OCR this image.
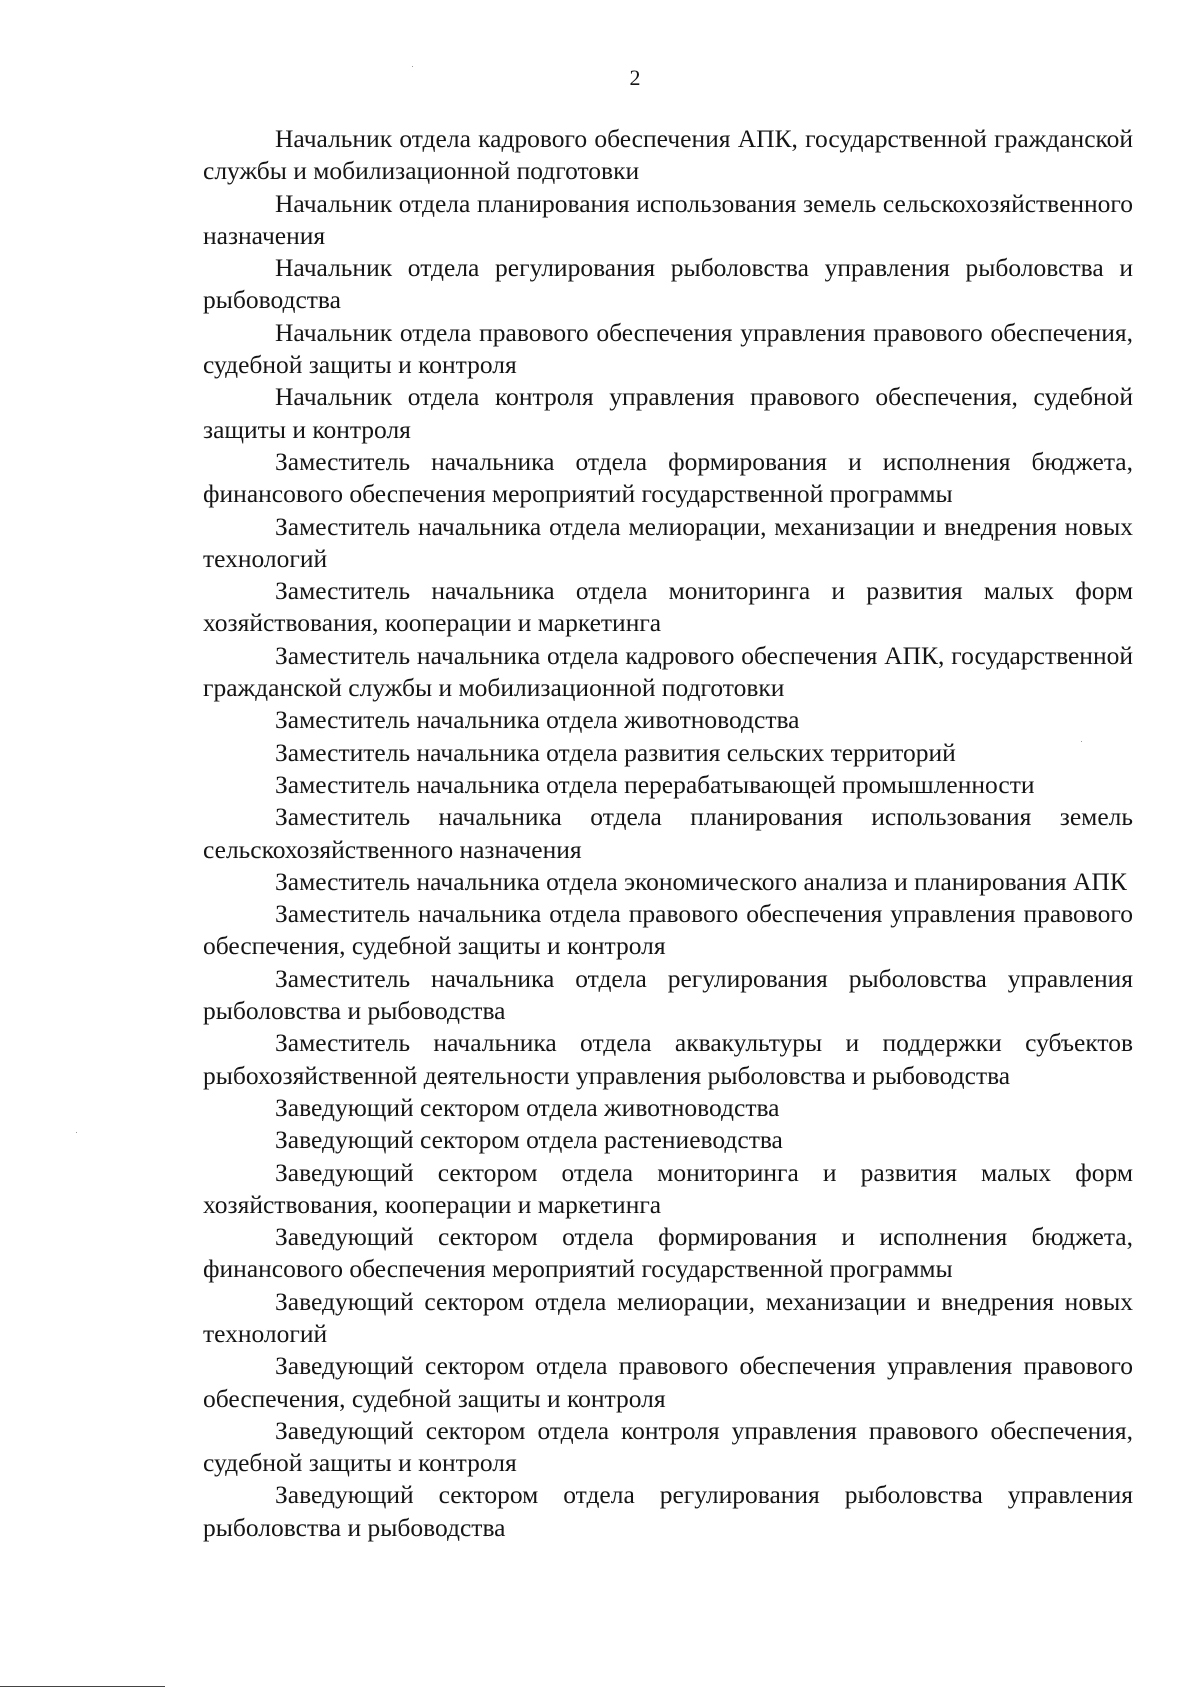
2

Начальник отдела кадрового обеспечения АПК, государственной гражданской службы и мобилизационной подготовки

Начальник отдела планирования использования земель сельскохозяйственного назначения

Начальник отдела регулирования рыболовства управления рыболовства и рыбоводства

Начальник отдела правового обеспечения управления правового обеспечения, судебной защиты и контроля

Начальник отдела контроля управления правового обеспечения, судебной защиты и контроля

Заместитель начальника отдела формирования и исполнения бюджета, финансового обеспечения мероприятий государственной программы

Заместитель начальника отдела мелиорации, механизации и внедрения новых технологий

Заместитель начальника отдела мониторинга и развития малых форм хозяйствования, кооперации и маркетинга

Заместитель начальника отдела кадрового обеспечения АПК, государственной гражданской службы и мобилизационной подготовки

Заместитель начальника отдела животноводства

Заместитель начальника отдела развития сельских территорий

Заместитель начальника отдела перерабатывающей промышленности

Заместитель начальника отдела планирования использования земель сельскохозяйственного назначения

Заместитель начальника отдела экономического анализа и планирования АПК

Заместитель начальника отдела правового обеспечения управления правового обеспечения, судебной защиты и контроля

Заместитель начальника отдела регулирования рыболовства управления рыболовства и рыбоводства

Заместитель начальника отдела аквакультуры и поддержки субъектов рыбохозяйственной деятельности управления рыболовства и рыбоводства

Заведующий сектором отдела животноводства

Заведующий сектором отдела растениеводства

Заведующий сектором отдела мониторинга и развития малых форм хозяйствования, кооперации и маркетинга

Заведующий сектором отдела формирования и исполнения бюджета, финансового обеспечения мероприятий государственной программы

Заведующий сектором отдела мелиорации, механизации и внедрения новых технологий

Заведующий сектором отдела правового обеспечения управления правового обеспечения, судебной защиты и контроля

Заведующий сектором отдела контроля управления правового обеспечения, судебной защиты и контроля

Заведующий сектором отдела регулирования рыболовства управления рыболовства и рыбоводства
